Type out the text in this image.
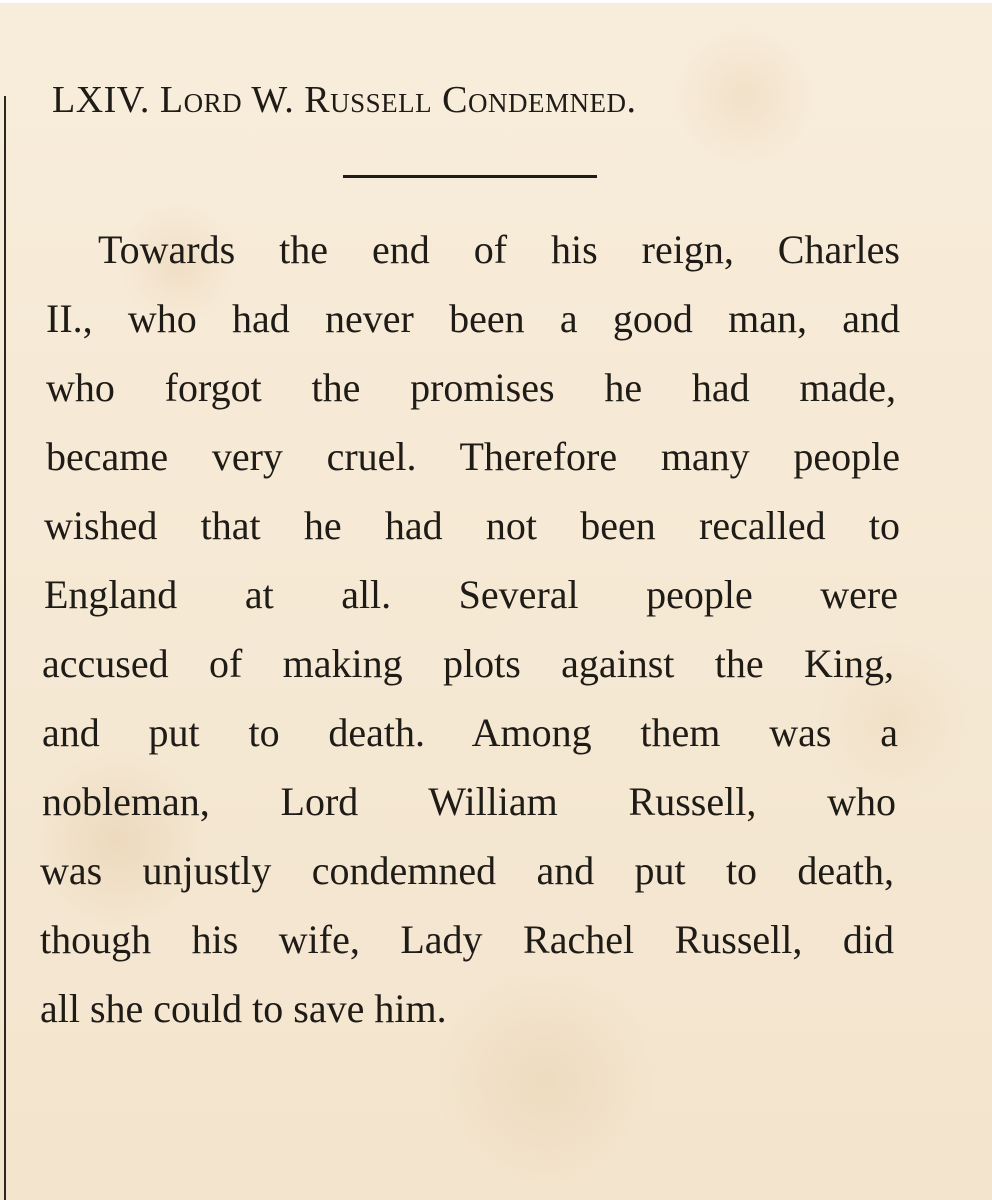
LXIV. Lord W. Russell Condemned.
Towards the end of his reign, Charles
II., who had never been a good man, and
who forgot the promises he had made,
became very cruel. Therefore many people
wished that he had not been recalled to
England at all. Several people were
accused of making plots against the King,
and put to death. Among them was a
nobleman, Lord William Russell, who
was unjustly condemned and put to death,
though his wife, Lady Rachel Russell, did
all she could to save him.
